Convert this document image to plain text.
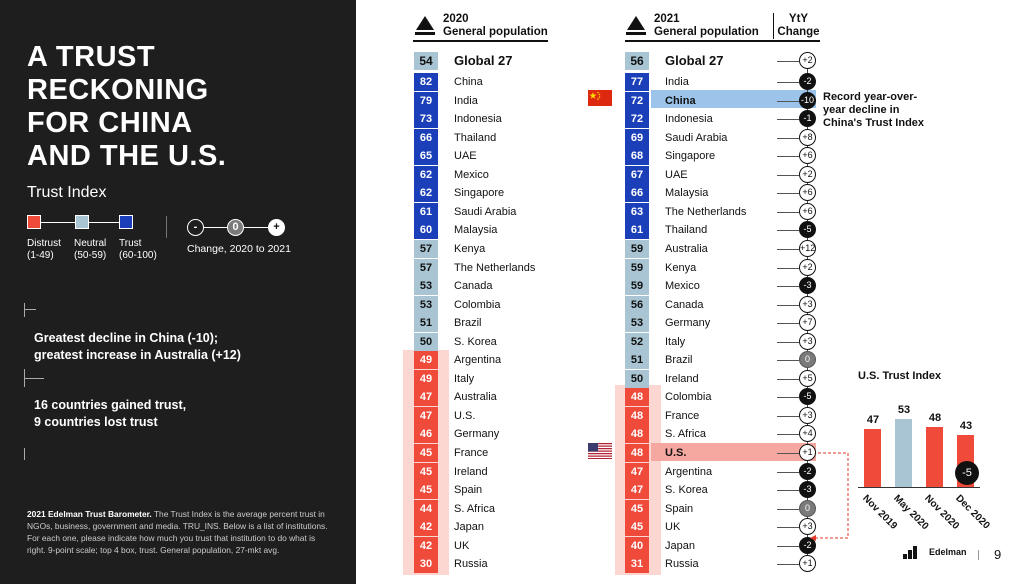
A TRUST
RECKONING
FOR CHINA
AND THE U.S.
Trust Index
Distrust
(1-49)
Neutral
(50-59)
Trust
(60-100)
-	0	+
Change, 2020 to 2021
Greatest decline in China (-10);
greatest increase in Australia (+12)
16 countries gained trust,
9 countries lost trust
2021 Edelman Trust Barometer. The Trust Index is the average percent trust in NGOs, business, government and media. TRU_INS. Below is a list of institutions. For each one, please indicate how much you trust that institution to do what is right. 9-point scale; top 4 box, trust. General population, 27-mkt avg.
2020
General population
2021
General population
YtY
Change
54	Global 27
82	China
79	India
73	Indonesia
66	Thailand
65	UAE
62	Mexico
62	Singapore
61	Saudi Arabia
60	Malaysia
57	Kenya
57	The Netherlands
53	Canada
53	Colombia
51	Brazil
50	S. Korea
49	Argentina
49	Italy
47	Australia
47	U.S.
46	Germany
45	France
45	Ireland
45	Spain
44	S. Africa
42	Japan
42	UK
30	Russia
56	Global 27	+2
77	India	-2
72	China	-10
72	Indonesia	-1
69	Saudi Arabia	+8
68	Singapore	+6
67	UAE	+2
66	Malaysia	+6
63	The Netherlands	+6
61	Thailand	-5
59	Australia	+12
59	Kenya	+2
59	Mexico	-3
56	Canada	+3
53	Germany	+7
52	Italy	+3
51	Brazil	0
50	Ireland	+5
48	Colombia	-5
48	France	+3
48	S. Africa	+4
48	U.S.	+1
47	Argentina	-2
47	S. Korea	-3
45	Spain	0
45	UK	+3
40	Japan	-2
31	Russia	+1
Record year-over-year decline in China's Trust Index
U.S. Trust Index
47
Nov 2019
53
May 2020
48
Nov 2020
43
Dec 2020
-5
Edelman 9
